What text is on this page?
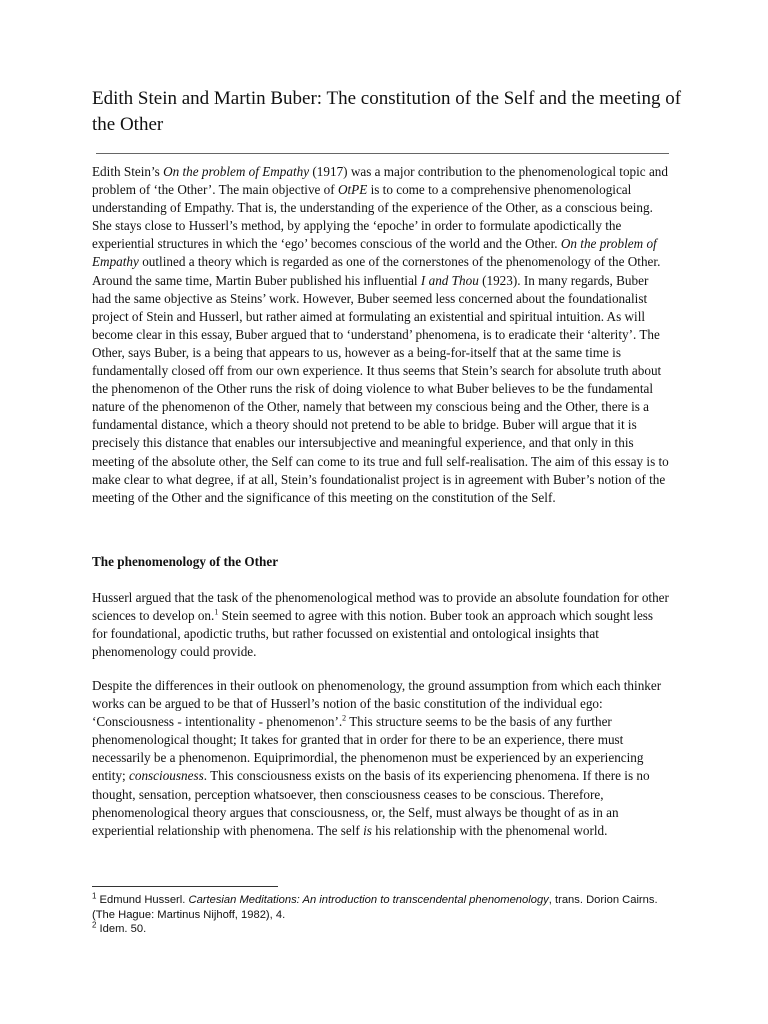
Edith Stein and Martin Buber: The constitution of the Self and the meeting of the Other
Edith Stein’s On the problem of Empathy (1917) was a major contribution to the phenomenological topic and problem of ‘the Other’. The main objective of OtPE is to come to a comprehensive phenomenological understanding of Empathy. That is, the understanding of the experience of the Other, as a conscious being. She stays close to Husserl’s method, by applying the ‘epoche’ in order to formulate apodictically the experiential structures in which the ‘ego’ becomes conscious of the world and the Other. On the problem of Empathy outlined a theory which is regarded as one of the cornerstones of the phenomenology of the Other.
Around the same time, Martin Buber published his influential I and Thou (1923). In many regards, Buber had the same objective as Steins’ work. However, Buber seemed less concerned about the foundationalist project of Stein and Husserl, but rather aimed at formulating an existential and spiritual intuition. As will become clear in this essay, Buber argued that to ‘understand’ phenomena, is to eradicate their ‘alterity’. The Other, says Buber, is a being that appears to us, however as a being-for-itself that at the same time is fundamentally closed off from our own experience. It thus seems that Stein’s search for absolute truth about the phenomenon of the Other runs the risk of doing violence to what Buber believes to be the fundamental nature of the phenomenon of the Other, namely that between my conscious being and the Other, there is a fundamental distance, which a theory should not pretend to be able to bridge. Buber will argue that it is precisely this distance that enables our intersubjective and meaningful experience, and that only in this meeting of the absolute other, the Self can come to its true and full self-realisation. The aim of this essay is to make clear to what degree, if at all, Stein’s foundationalist project is in agreement with Buber’s notion of the meeting of the Other and the significance of this meeting on the constitution of the Self.
The phenomenology of the Other

Husserl argued that the task of the phenomenological method was to provide an absolute foundation for other sciences to develop on.$^1$ Stein seemed to agree with this notion. Buber took an approach which sought less for foundational, apodictic truths, but rather focussed on existential and ontological insights that phenomenology could provide.

Despite the differences in their outlook on phenomenology, the ground assumption from which each thinker works can be argued to be that of Husserl’s notion of the basic constitution of the individual ego: ‘Consciousness - intentionality - phenomenon’.$^2$ This structure seems to be the basis of any further phenomenological thought; It takes for granted that in order for there to be an experience, there must necessarily be a phenomenon. Equiprimordial, the phenomenon must be experienced by an experiencing entity; consciousness. This consciousness exists on the basis of its experiencing phenomena. If there is no thought, sensation, perception whatsoever, then consciousness ceases to be conscious. Therefore, phenomenological theory argues that consciousness, or, the Self, must always be thought of as in an experiential relationship with phenomena. The self is his relationship with the phenomenal world.

$^1$ Edmund Husserl. Cartesian Meditations: An introduction to transcendental phenomenology, trans. Dorion Cairns. (The Hague: Martinus Nijhoff, 1982), 4.
$^2$ Idem. 50.
